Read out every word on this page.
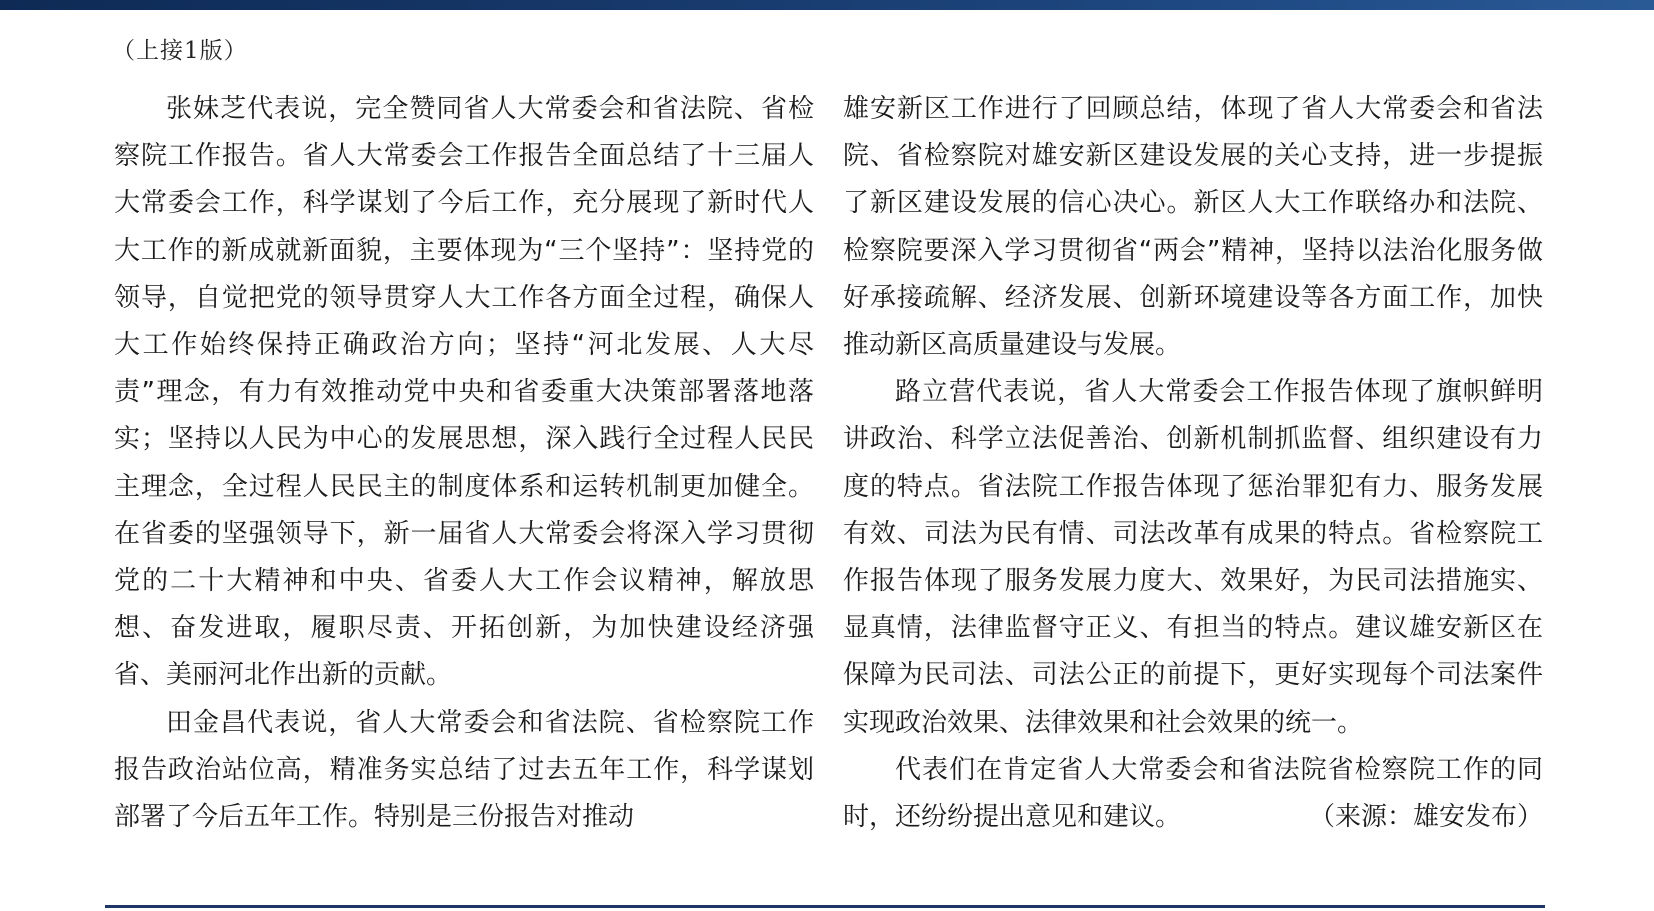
（上接1版）

张妹芝代表说，完全赞同省人大常委会和省法院、省检察院工作报告。省人大常委会工作报告全面总结了十三届人大常委会工作，科学谋划了今后工作，充分展现了新时代人大工作的新成就新面貌，主要体现为“三个坚持”：坚持党的领导，自觉把党的领导贯穿人大工作各方面全过程，确保人大工作始终保持正确政治方向；坚持“河北发展、人大尽责”理念，有力有效推动党中央和省委重大决策部署落地落实；坚持以人民为中心的发展思想，深入践行全过程人民民主理念，全过程人民民主的制度体系和运转机制更加健全。在省委的坚强领导下，新一届省人大常委会将深入学习贯彻党的二十大精神和中央、省委人大工作会议精神，解放思想、奋发进取，履职尽责、开拓创新，为加快建设经济强省、美丽河北作出新的贡献。

田金昌代表说，省人大常委会和省法院、省检察院工作报告政治站位高，精准务实总结了过去五年工作，科学谋划部署了今后五年工作。特别是三份报告对推动

雄安新区工作进行了回顾总结，体现了省人大常委会和省法院、省检察院对雄安新区建设发展的关心支持，进一步提振了新区建设发展的信心决心。新区人大工作联络办和法院、检察院要深入学习贯彻省“两会”精神，坚持以法治化服务做好承接疏解、经济发展、创新环境建设等各方面工作，加快推动新区高质量建设与发展。

路立营代表说，省人大常委会工作报告体现了旗帜鲜明讲政治、科学立法促善治、创新机制抓监督、组织建设有力度的特点。省法院工作报告体现了惩治罪犯有力、服务发展有效、司法为民有情、司法改革有成果的特点。省检察院工作报告体现了服务发展力度大、效果好，为民司法措施实、显真情，法律监督守正义、有担当的特点。建议雄安新区在保障为民司法、司法公正的前提下，更好实现每个司法案件实现政治效果、法律效果和社会效果的统一。

代表们在肯定省人大常委会和省法院省检察院工作的同时，还纷纷提出意见和建议。	（来源：雄安发布）
